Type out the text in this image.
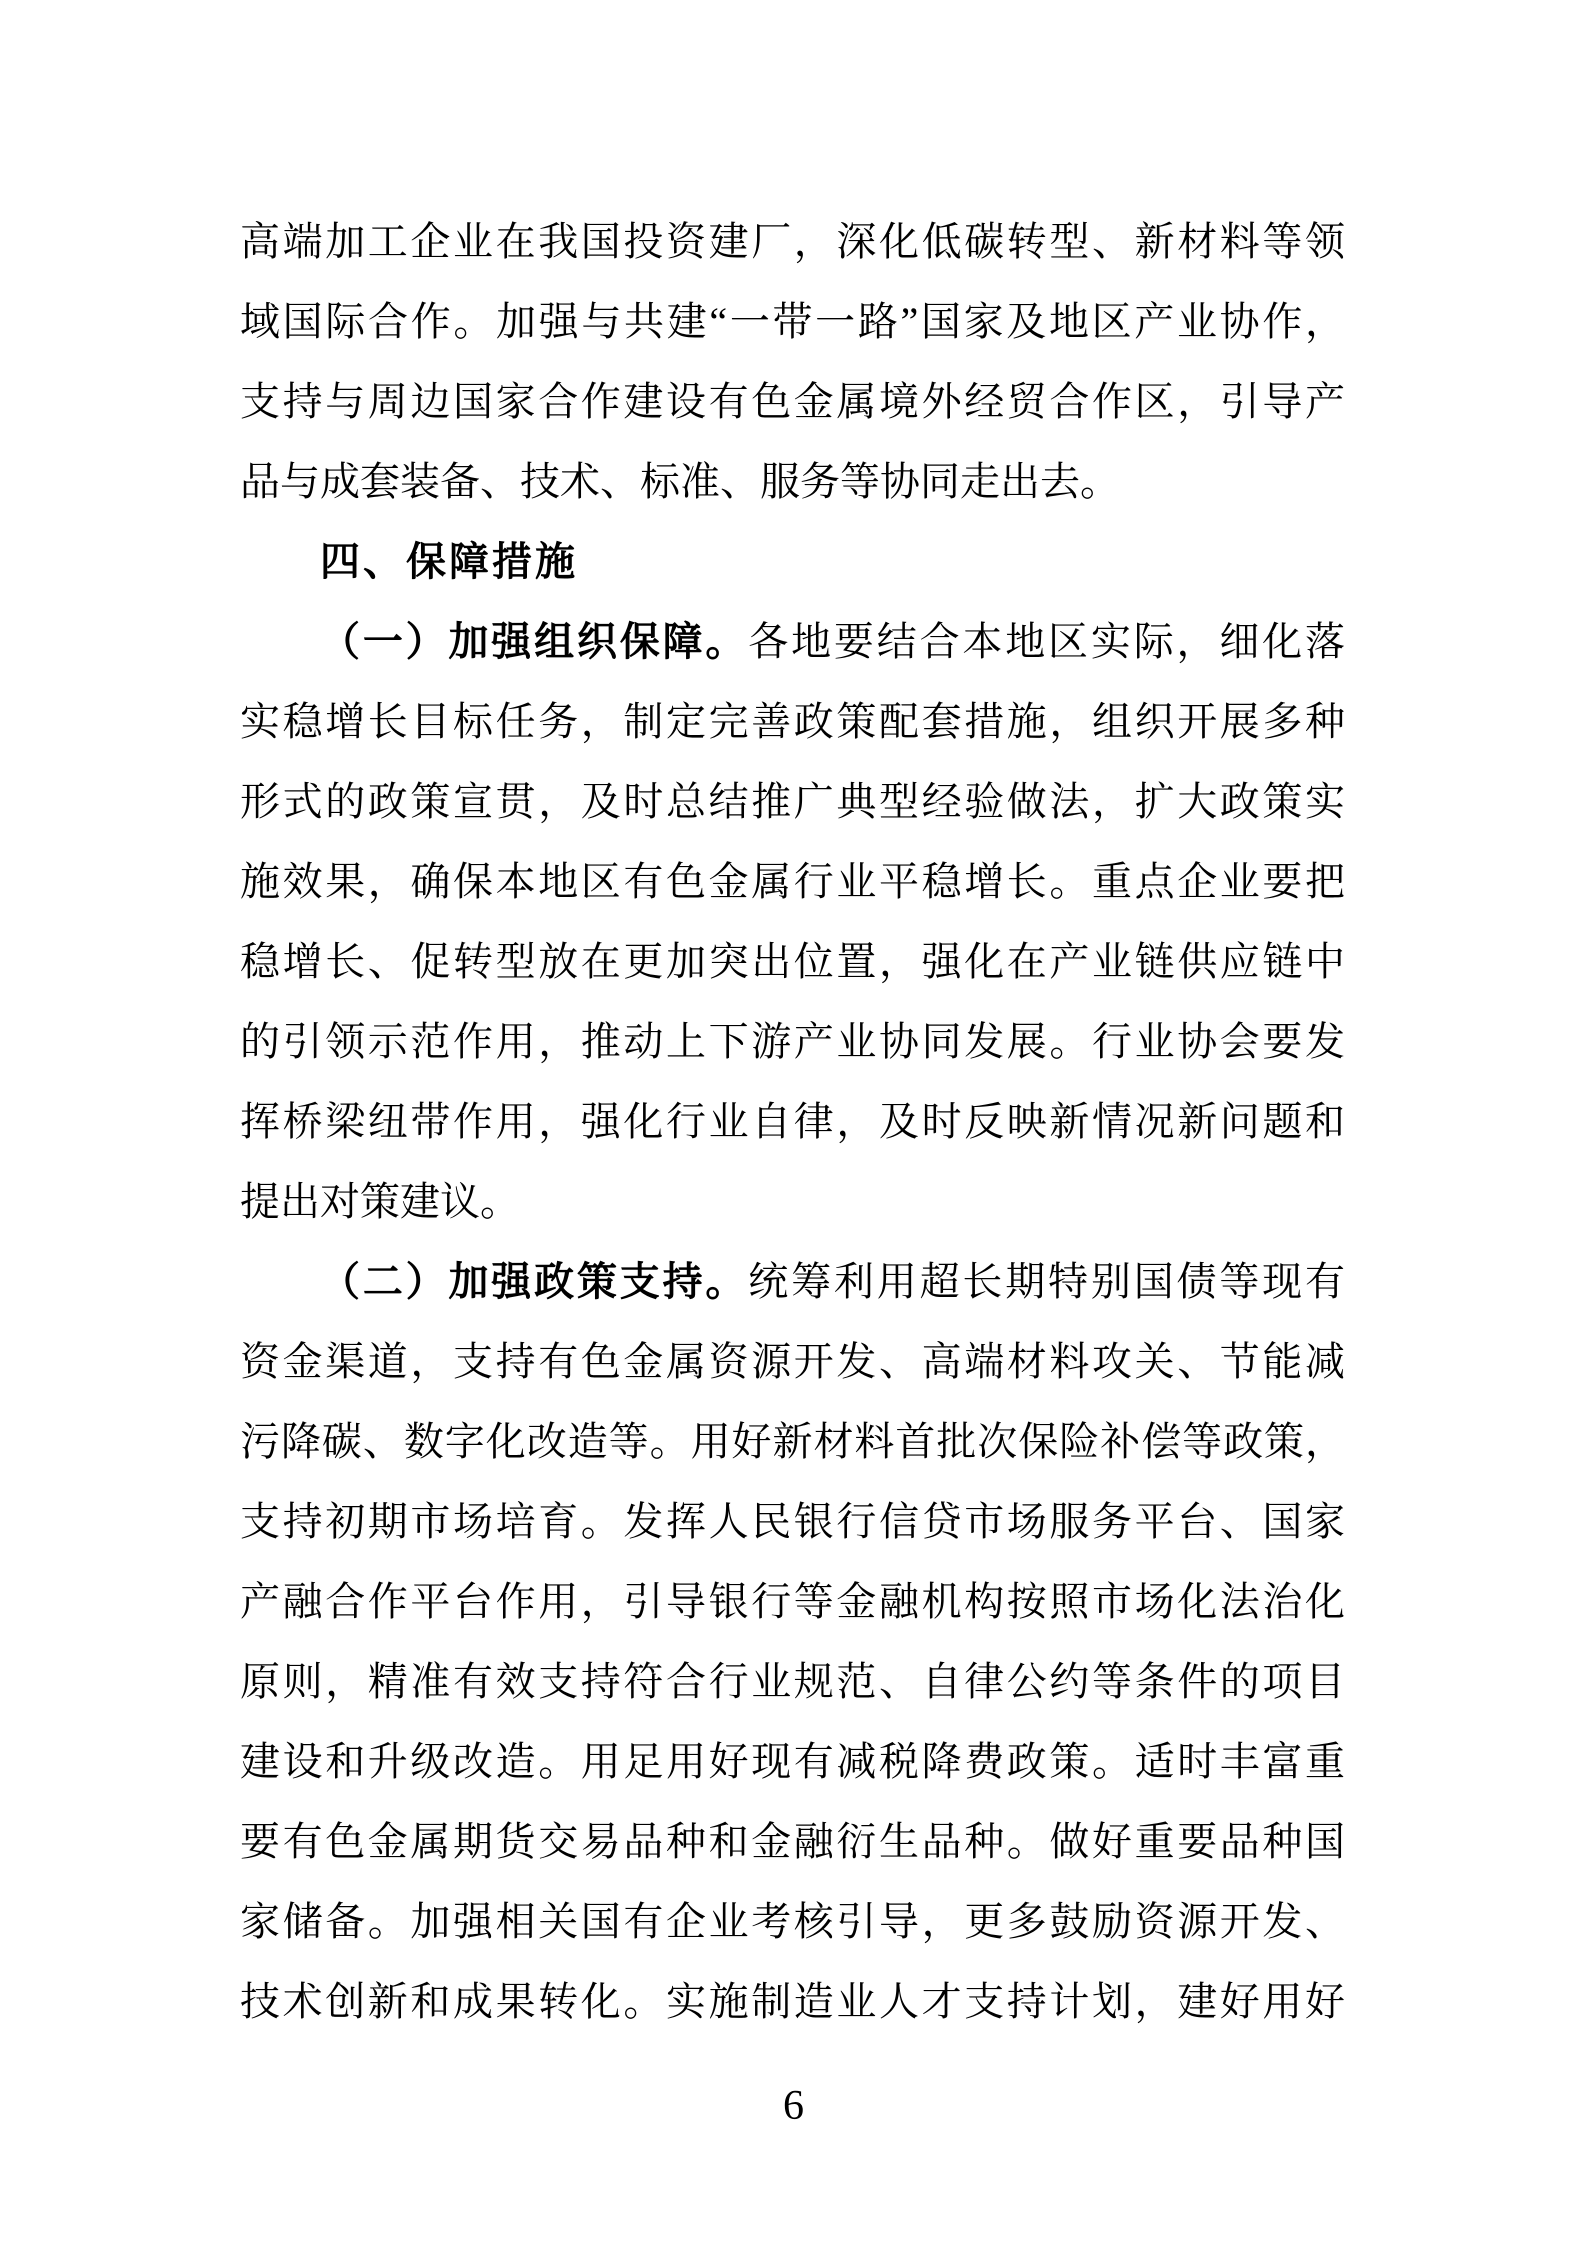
高端加工企业在我国投资建厂，深化低碳转型、新材料等领
域国际合作。加强与共建“一带一路”国家及地区产业协作，
支持与周边国家合作建设有色金属境外经贸合作区，引导产
品与成套装备、技术、标准、服务等协同走出去。
四、保障措施
（一）加强组织保障。各地要结合本地区实际，细化落
实稳增长目标任务，制定完善政策配套措施，组织开展多种
形式的政策宣贯，及时总结推广典型经验做法，扩大政策实
施效果，确保本地区有色金属行业平稳增长。重点企业要把
稳增长、促转型放在更加突出位置，强化在产业链供应链中
的引领示范作用，推动上下游产业协同发展。行业协会要发
挥桥梁纽带作用，强化行业自律，及时反映新情况新问题和
提出对策建议。
（二）加强政策支持。统筹利用超长期特别国债等现有
资金渠道，支持有色金属资源开发、高端材料攻关、节能减
污降碳、数字化改造等。用好新材料首批次保险补偿等政策，
支持初期市场培育。发挥人民银行信贷市场服务平台、国家
产融合作平台作用，引导银行等金融机构按照市场化法治化
原则，精准有效支持符合行业规范、自律公约等条件的项目
建设和升级改造。用足用好现有减税降费政策。适时丰富重
要有色金属期货交易品种和金融衍生品种。做好重要品种国
家储备。加强相关国有企业考核引导，更多鼓励资源开发、
技术创新和成果转化。实施制造业人才支持计划，建好用好
6
